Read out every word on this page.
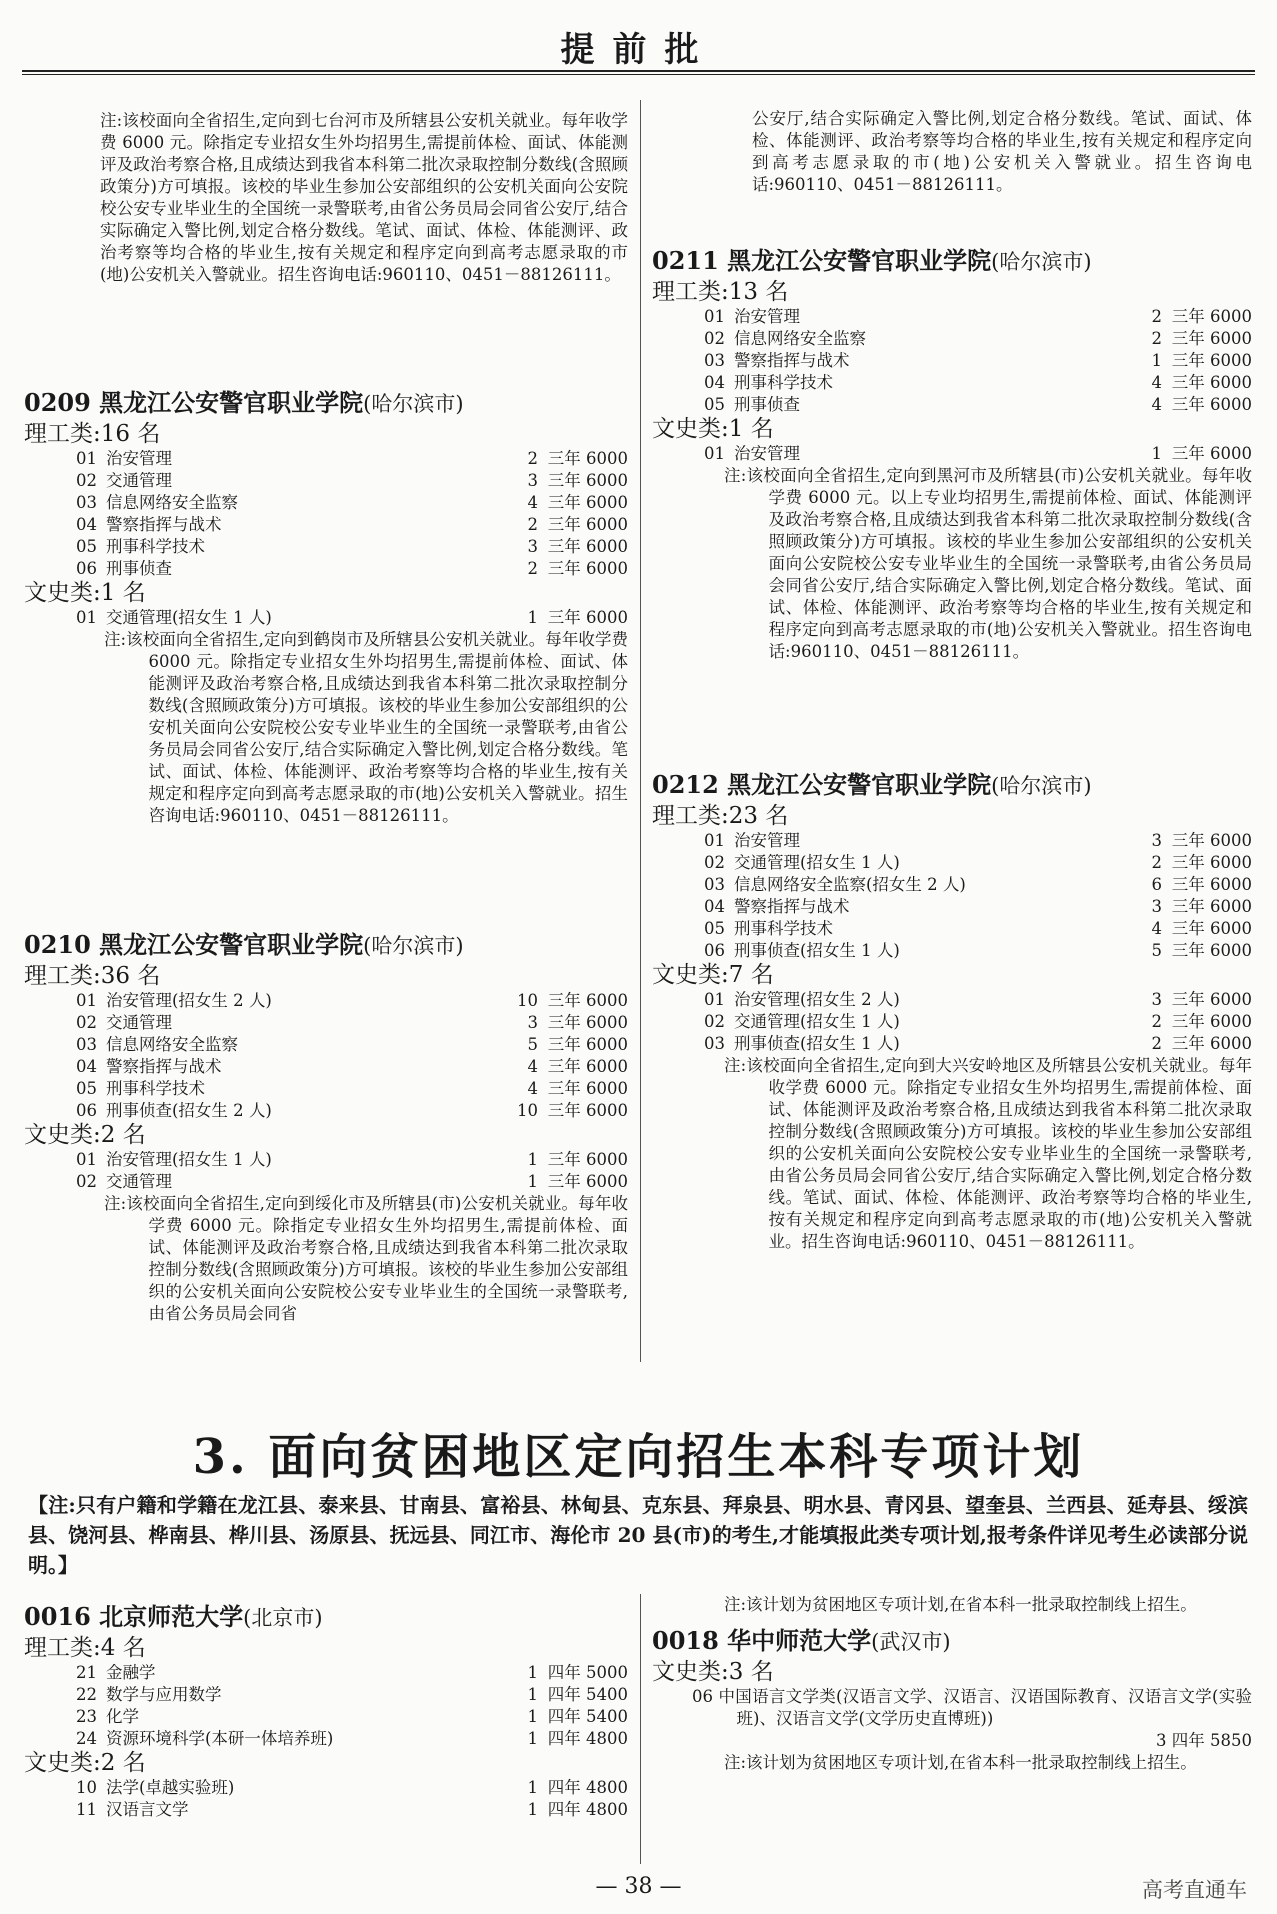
提前批
注:该校面向全省招生,定向到七台河市及所辖县公安机关就业。每年收学费 6000 元。除指定专业招女生外均招男生,需提前体检、面试、体能测评及政治考察合格,且成绩达到我省本科第二批次录取控制分数线(含照顾政策分)方可填报。该校的毕业生参加公安部组织的公安机关面向公安院校公安专业毕业生的全国统一录警联考,由省公务员局会同省公安厅,结合实际确定入警比例,划定合格分数线。笔试、面试、体检、体能测评、政治考察等均合格的毕业生,按有关规定和程序定向到高考志愿录取的市(地)公安机关入警就业。招生咨询电话:960110、0451－88126111。
0209 黑龙江公安警官职业学院(哈尔滨市)
理工类:16 名
01 治安管理	2 三年 6000
02 交通管理	3 三年 6000
03 信息网络安全监察	4 三年 6000
04 警察指挥与战术	2 三年 6000
05 刑事科学技术	3 三年 6000
06 刑事侦查	2 三年 6000
文史类:1 名
01 交通管理(招女生 1 人)	1 三年 6000
注:该校面向全省招生,定向到鹤岗市及所辖县公安机关就业。每年收学费 6000 元。除指定专业招女生外均招男生,需提前体检、面试、体能测评及政治考察合格,且成绩达到我省本科第二批次录取控制分数线(含照顾政策分)方可填报。该校的毕业生参加公安部组织的公安机关面向公安院校公安专业毕业生的全国统一录警联考,由省公务员局会同省公安厅,结合实际确定入警比例,划定合格分数线。笔试、面试、体检、体能测评、政治考察等均合格的毕业生,按有关规定和程序定向到高考志愿录取的市(地)公安机关入警就业。招生咨询电话:960110、0451－88126111。
0210 黑龙江公安警官职业学院(哈尔滨市)
理工类:36 名
01 治安管理(招女生 2 人)	10 三年 6000
02 交通管理	3 三年 6000
03 信息网络安全监察	5 三年 6000
04 警察指挥与战术	4 三年 6000
05 刑事科学技术	4 三年 6000
06 刑事侦查(招女生 2 人)	10 三年 6000
文史类:2 名
01 治安管理(招女生 1 人)	1 三年 6000
02 交通管理	1 三年 6000
注:该校面向全省招生,定向到绥化市及所辖县(市)公安机关就业。每年收学费 6000 元。除指定专业招女生外均招男生,需提前体检、面试、体能测评及政治考察合格,且成绩达到我省本科第二批次录取控制分数线(含照顾政策分)方可填报。该校的毕业生参加公安部组织的公安机关面向公安院校公安专业毕业生的全国统一录警联考,由省公务员局会同省
公安厅,结合实际确定入警比例,划定合格分数线。笔试、面试、体检、体能测评、政治考察等均合格的毕业生,按有关规定和程序定向到高考志愿录取的市(地)公安机关入警就业。招生咨询电话:960110、0451－88126111。
0211 黑龙江公安警官职业学院(哈尔滨市)
理工类:13 名
01 治安管理	2 三年 6000
02 信息网络安全监察	2 三年 6000
03 警察指挥与战术	1 三年 6000
04 刑事科学技术	4 三年 6000
05 刑事侦查	4 三年 6000
文史类:1 名
01 治安管理	1 三年 6000
注:该校面向全省招生,定向到黑河市及所辖县(市)公安机关就业。每年收学费 6000 元。以上专业均招男生,需提前体检、面试、体能测评及政治考察合格,且成绩达到我省本科第二批次录取控制分数线(含照顾政策分)方可填报。该校的毕业生参加公安部组织的公安机关面向公安院校公安专业毕业生的全国统一录警联考,由省公务员局会同省公安厅,结合实际确定入警比例,划定合格分数线。笔试、面试、体检、体能测评、政治考察等均合格的毕业生,按有关规定和程序定向到高考志愿录取的市(地)公安机关入警就业。招生咨询电话:960110、0451－88126111。
0212 黑龙江公安警官职业学院(哈尔滨市)
理工类:23 名
01 治安管理	3 三年 6000
02 交通管理(招女生 1 人)	2 三年 6000
03 信息网络安全监察(招女生 2 人)	6 三年 6000
04 警察指挥与战术	3 三年 6000
05 刑事科学技术	4 三年 6000
06 刑事侦查(招女生 1 人)	5 三年 6000
文史类:7 名
01 治安管理(招女生 2 人)	3 三年 6000
02 交通管理(招女生 1 人)	2 三年 6000
03 刑事侦查(招女生 1 人)	2 三年 6000
注:该校面向全省招生,定向到大兴安岭地区及所辖县公安机关就业。每年收学费 6000 元。除指定专业招女生外均招男生,需提前体检、面试、体能测评及政治考察合格,且成绩达到我省本科第二批次录取控制分数线(含照顾政策分)方可填报。该校的毕业生参加公安部组织的公安机关面向公安院校公安专业毕业生的全国统一录警联考,由省公务员局会同省公安厅,结合实际确定入警比例,划定合格分数线。笔试、面试、体检、体能测评、政治考察等均合格的毕业生,按有关规定和程序定向到高考志愿录取的市(地)公安机关入警就业。招生咨询电话:960110、0451－88126111。
3. 面向贫困地区定向招生本科专项计划
【注:只有户籍和学籍在龙江县、泰来县、甘南县、富裕县、林甸县、克东县、拜泉县、明水县、青冈县、望奎县、兰西县、延寿县、绥滨县、饶河县、桦南县、桦川县、汤原县、抚远县、同江市、海伦市 20 县(市)的考生,才能填报此类专项计划,报考条件详见考生必读部分说明。】
0016 北京师范大学(北京市)
理工类:4 名
21 金融学	1 四年 5000
22 数学与应用数学	1 四年 5400
23 化学	1 四年 5400
24 资源环境科学(本研一体培养班)	1 四年 4800
文史类:2 名
10 法学(卓越实验班)	1 四年 4800
11 汉语言文学	1 四年 4800
注:该计划为贫困地区专项计划,在省本科一批录取控制线上招生。
0018 华中师范大学(武汉市)
文史类:3 名
06 中国语言文学类(汉语言文学、汉语言、汉语国际教育、汉语言文学(实验班)、汉语言文学(文学历史直博班))
3 四年 5850
注:该计划为贫困地区专项计划,在省本科一批录取控制线上招生。
— 38 —	高考直通车
